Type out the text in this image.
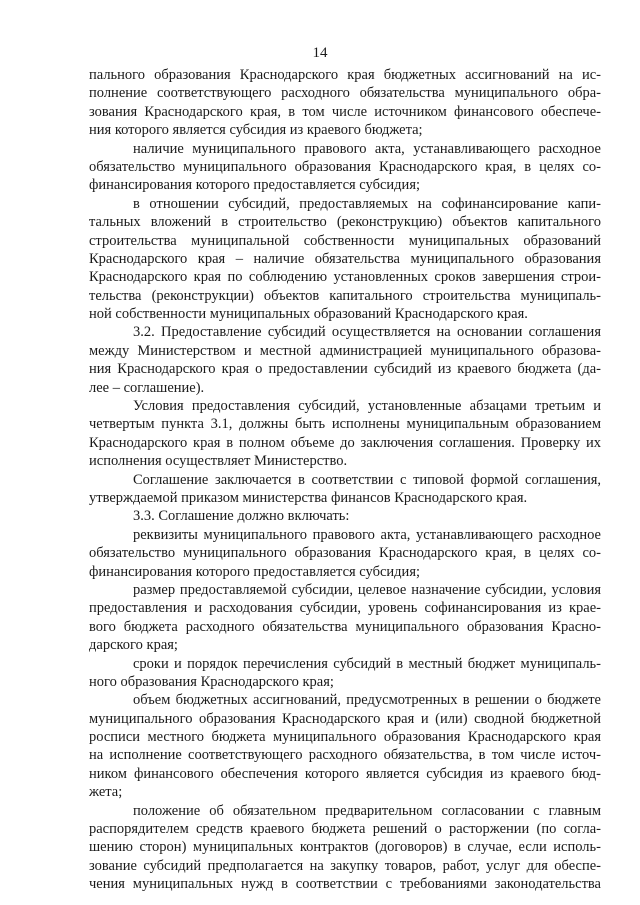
14
пального образования Краснодарского края бюджетных ассигнований на ис-
полнение соответствующего расходного обязательства муниципального обра-
зования Краснодарского края, в том числе источником финансового обеспече-
ния которого является субсидия из краевого бюджета;
наличие муниципального правового акта, устанавливающего расходное
обязательство муниципального образования Краснодарского края, в целях со-
финансирования которого предоставляется субсидия;
в отношении субсидий, предоставляемых на софинансирование капи-
тальных вложений в строительство (реконструкцию) объектов капитального
строительства муниципальной собственности муниципальных образований
Краснодарского края – наличие обязательства муниципального образования
Краснодарского края по соблюдению установленных сроков завершения строи-
тельства (реконструкции) объектов капитального строительства муниципаль-
ной собственности муниципальных образований Краснодарского края.
3.2. Предоставление субсидий осуществляется на основании соглашения
между Министерством и местной администрацией муниципального образова-
ния Краснодарского края о предоставлении субсидий из краевого бюджета (да-
лее – соглашение).
Условия предоставления субсидий, установленные абзацами третьим и
четвертым пункта 3.1, должны быть исполнены муниципальным образованием
Краснодарского края в полном объеме до заключения соглашения. Проверку их
исполнения осуществляет Министерство.
Соглашение заключается в соответствии с типовой формой соглашения,
утверждаемой приказом министерства финансов Краснодарского края.
3.3. Соглашение должно включать:
реквизиты муниципального правового акта, устанавливающего расходное
обязательство муниципального образования Краснодарского края, в целях со-
финансирования которого предоставляется субсидия;
размер предоставляемой субсидии, целевое назначение субсидии, условия
предоставления и расходования субсидии, уровень софинансирования из крае-
вого бюджета расходного обязательства муниципального образования Красно-
дарского края;
сроки и порядок перечисления субсидий в местный бюджет муниципаль-
ного образования Краснодарского края;
объем бюджетных ассигнований, предусмотренных в решении о бюджете
муниципального образования Краснодарского края и (или) сводной бюджетной
росписи местного бюджета муниципального образования Краснодарского края
на исполнение соответствующего расходного обязательства, в том числе источ-
ником финансового обеспечения которого является субсидия из краевого бюд-
жета;
положение об обязательном предварительном согласовании с главным
распорядителем средств краевого бюджета решений о расторжении (по согла-
шению сторон) муниципальных контрактов (договоров) в случае, если исполь-
зование субсидий предполагается на закупку товаров, работ, услуг для обеспе-
чения муниципальных нужд в соответствии с требованиями законодательства
